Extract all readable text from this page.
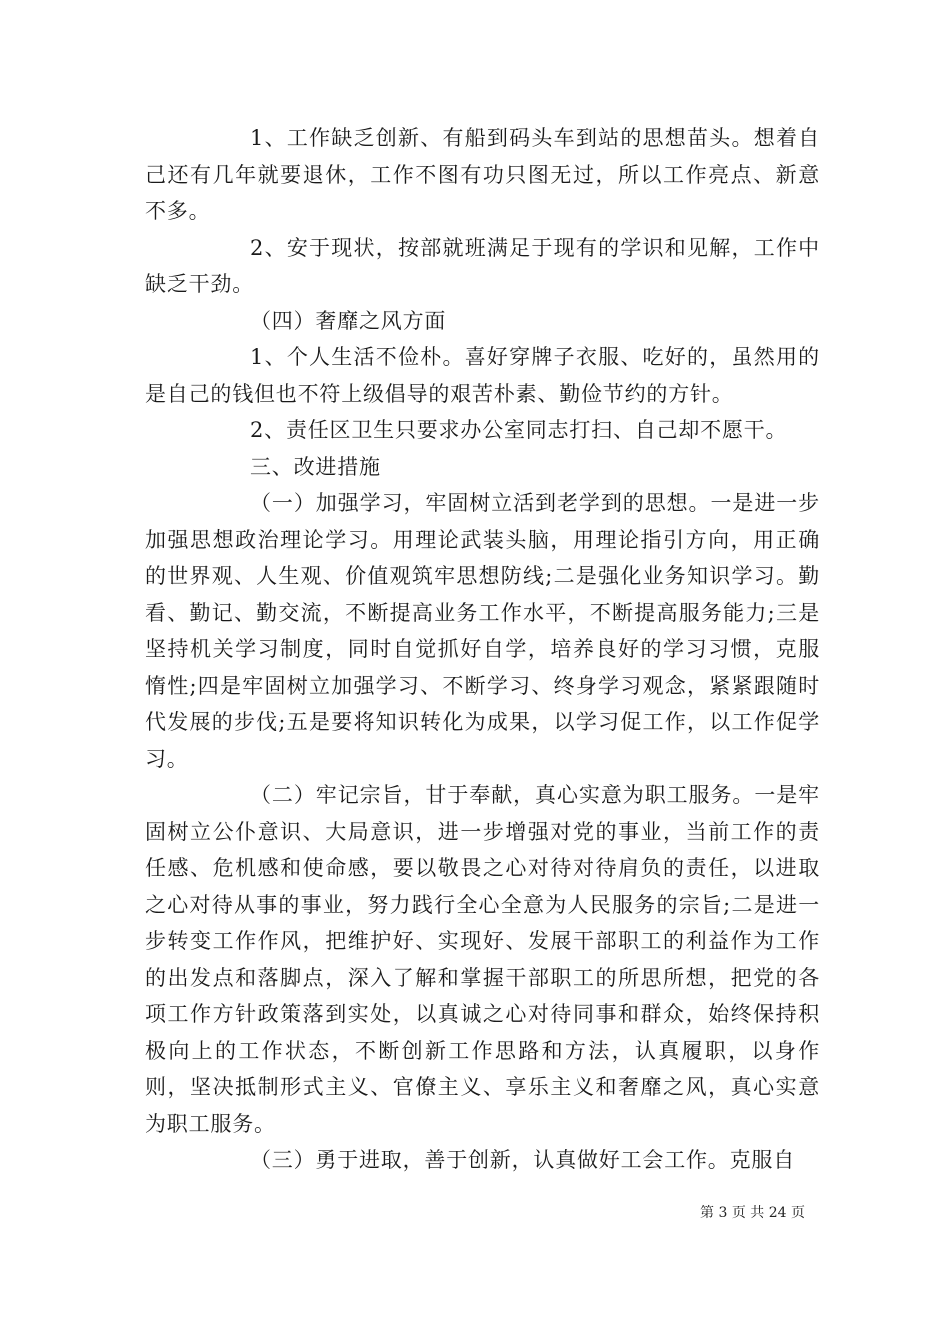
1、工作缺乏创新、有船到码头车到站的思想苗头。想着自己还有几年就要退休，工作不图有功只图无过，所以工作亮点、新意不多。

2、安于现状，按部就班满足于现有的学识和见解，工作中缺乏干劲。

（四）奢靡之风方面

1、个人生活不俭朴。喜好穿牌子衣服、吃好的，虽然用的是自己的钱但也不符上级倡导的艰苦朴素、勤俭节约的方针。

2、责任区卫生只要求办公室同志打扫、自己却不愿干。

三、改进措施

（一）加强学习，牢固树立活到老学到的思想。一是进一步加强思想政治理论学习。用理论武装头脑，用理论指引方向，用正确的世界观、人生观、价值观筑牢思想防线;二是强化业务知识学习。勤看、勤记、勤交流，不断提高业务工作水平，不断提高服务能力;三是坚持机关学习制度，同时自觉抓好自学，培养良好的学习习惯，克服惰性;四是牢固树立加强学习、不断学习、终身学习观念，紧紧跟随时代发展的步伐;五是要将知识转化为成果，以学习促工作，以工作促学习。

（二）牢记宗旨，甘于奉献，真心实意为职工服务。一是牢固树立公仆意识、大局意识，进一步增强对党的事业，当前工作的责任感、危机感和使命感，要以敬畏之心对待对待肩负的责任，以进取之心对待从事的事业，努力践行全心全意为人民服务的宗旨;二是进一步转变工作作风，把维护好、实现好、发展干部职工的利益作为工作的出发点和落脚点，深入了解和掌握干部职工的所思所想，把党的各项工作方针政策落到实处，以真诚之心对待同事和群众，始终保持积极向上的工作状态，不断创新工作思路和方法，认真履职，以身作则，坚决抵制形式主义、官僚主义、享乐主义和奢靡之风，真心实意为职工服务。

（三）勇于进取，善于创新，认真做好工会工作。克服自

第 3 页 共 24 页
